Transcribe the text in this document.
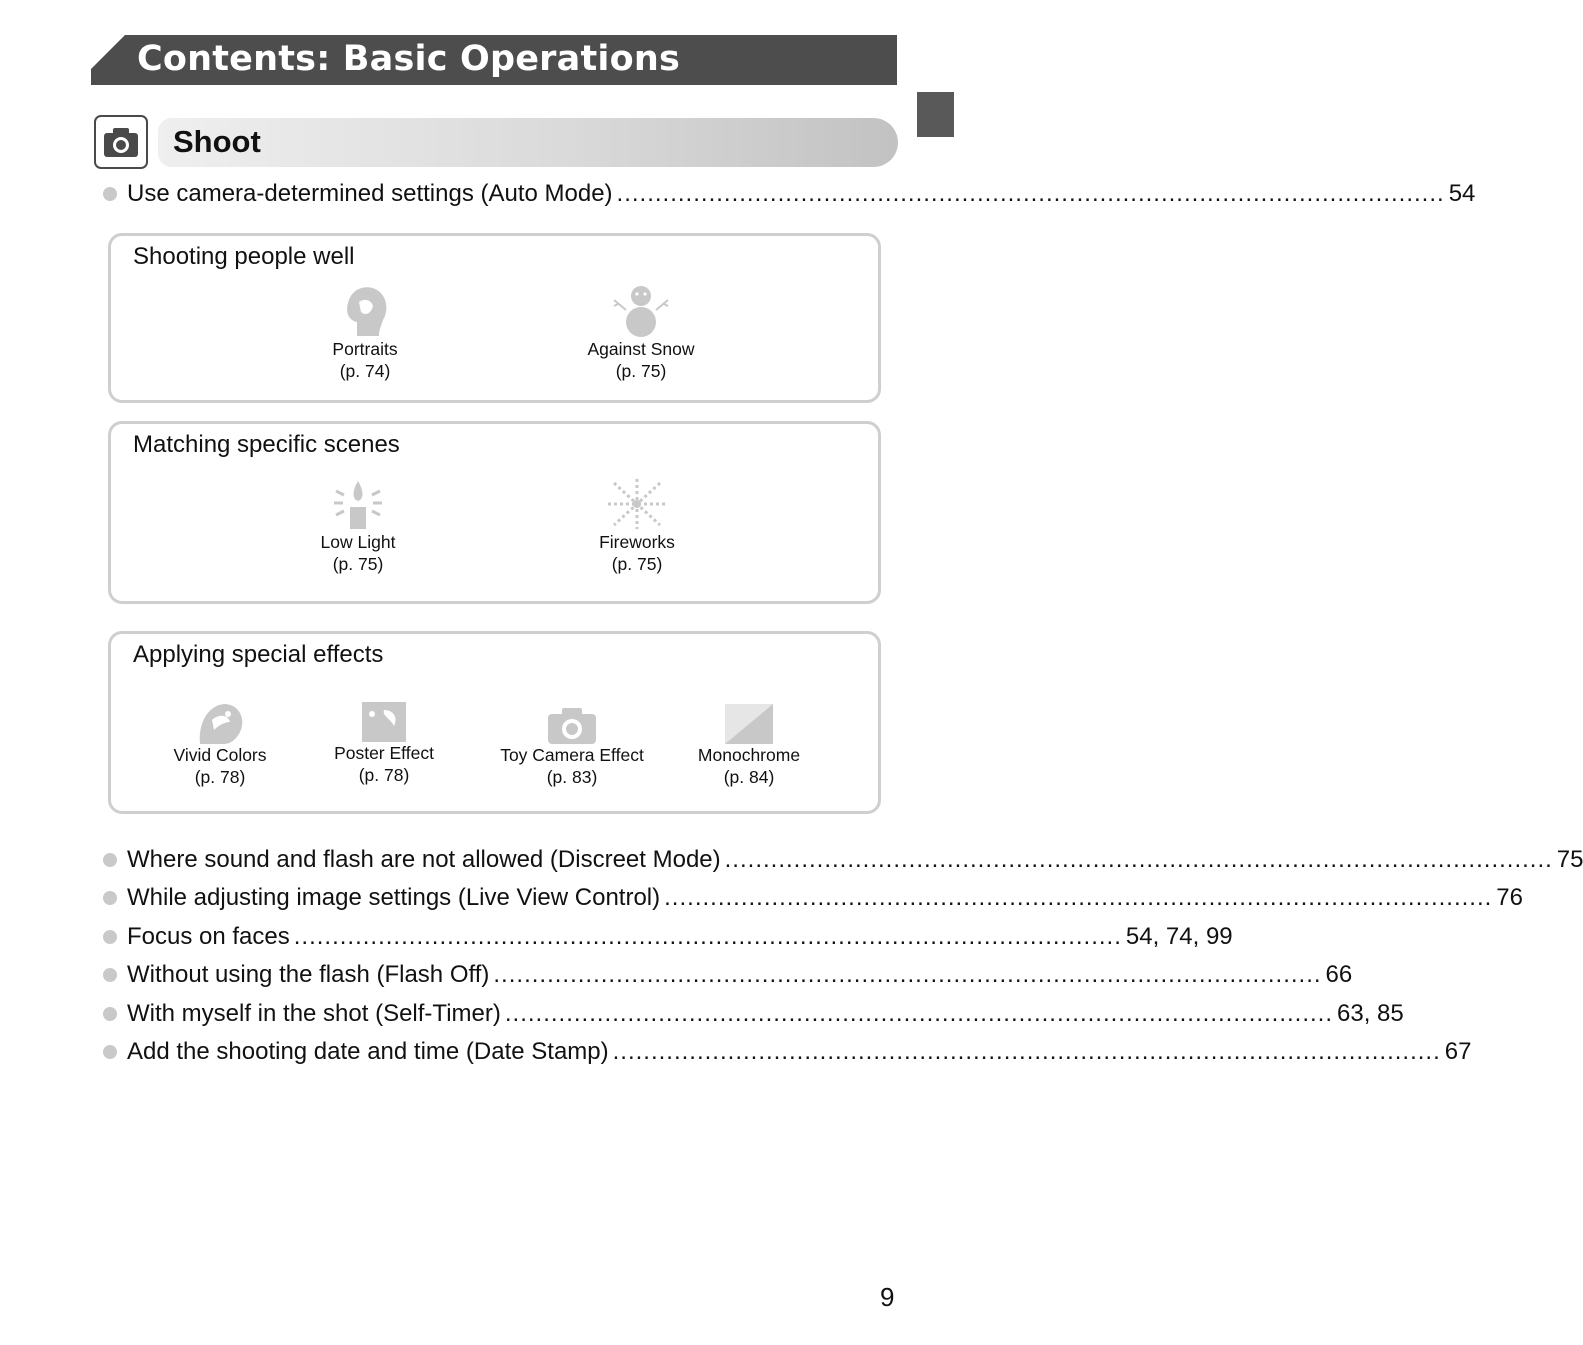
Contents: Basic Operations
Shoot
Use camera-determined settings (Auto Mode) ............................................................................................................ 54
Shooting people well
Portraits
(p. 74)
Against Snow
(p. 75)
Matching specific scenes
Low Light
(p. 75)
Fireworks
(p. 75)
Applying special effects
Vivid Colors
(p. 78)
Poster Effect
(p. 78)
Toy Camera Effect
(p. 83)
Monochrome
(p. 84)
Where sound and flash are not allowed (Discreet Mode) ............................................................................................................ 75
While adjusting image settings (Live View Control) ............................................................................................................ 76
Focus on faces ............................................................................................................ 54, 74, 99
Without using the flash (Flash Off) ............................................................................................................ 66
With myself in the shot (Self-Timer) ............................................................................................................ 63, 85
Add the shooting date and time (Date Stamp) ............................................................................................................ 67
9
